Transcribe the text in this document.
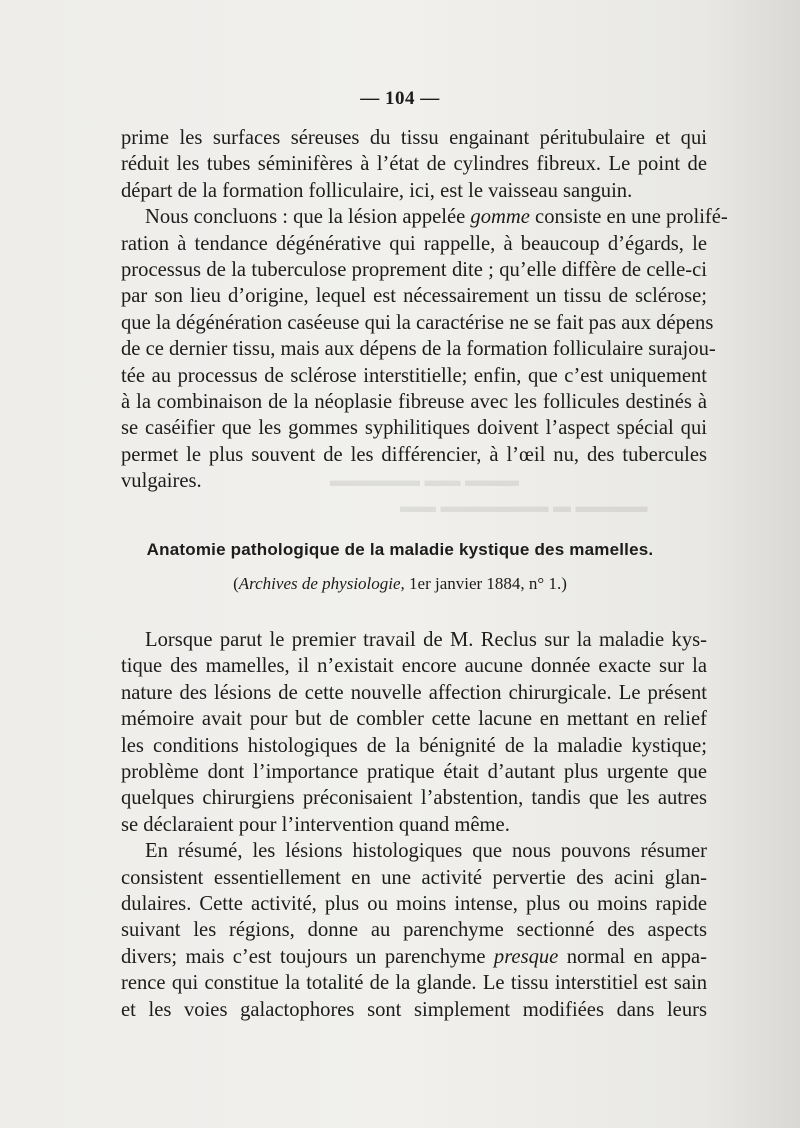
▬▬▬ ▬▬ ▬▬▬▬▬
▬▬▬▬ ▬ ▬▬▬▬▬▬ ▬▬
— 104 —
prime les surfaces séreuses du tissu engainant péritubulaire et qui
réduit les tubes séminifères à l’état de cylindres fibreux. Le point de
départ de la formation folliculaire, ici, est le vaisseau sanguin.
Nous concluons : que la lésion appelée gomme consiste en une prolifé-
ration à tendance dégénérative qui rappelle, à beaucoup d’égards, le
processus de la tuberculose proprement dite ; qu’elle diffère de celle-ci
par son lieu d’origine, lequel est nécessairement un tissu de sclérose;
que la dégénération caséeuse qui la caractérise ne se fait pas aux dépens
de ce dernier tissu, mais aux dépens de la formation folliculaire surajou-
tée au processus de sclérose interstitielle; enfin, que c’est uniquement
à la combinaison de la néoplasie fibreuse avec les follicules destinés à
se caséifier que les gommes syphilitiques doivent l’aspect spécial qui
permet le plus souvent de les différencier, à l’œil nu, des tubercules
vulgaires.
Anatomie pathologique de la maladie kystique des mamelles.
(Archives de physiologie, 1er janvier 1884, n° 1.)
Lorsque parut le premier travail de M. Reclus sur la maladie kys-
tique des mamelles, il n’existait encore aucune donnée exacte sur la
nature des lésions de cette nouvelle affection chirurgicale. Le présent
mémoire avait pour but de combler cette lacune en mettant en relief
les conditions histologiques de la bénignité de la maladie kystique;
problème dont l’importance pratique était d’autant plus urgente que
quelques chirurgiens préconisaient l’abstention, tandis que les autres
se déclaraient pour l’intervention quand même.
En résumé, les lésions histologiques que nous pouvons résumer
consistent essentiellement en une activité pervertie des acini glan-
dulaires. Cette activité, plus ou moins intense, plus ou moins rapide
suivant les régions, donne au parenchyme sectionné des aspects
divers; mais c’est toujours un parenchyme presque normal en appa-
rence qui constitue la totalité de la glande. Le tissu interstitiel est sain
et les voies galactophores sont simplement modifiées dans leurs
